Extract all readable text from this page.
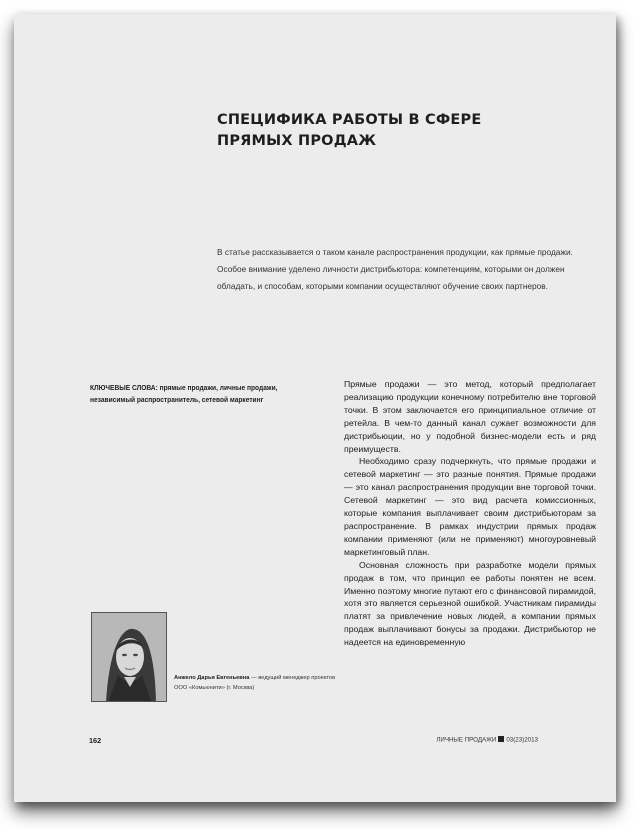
СПЕЦИФИКА РАБОТЫ В СФЕРЕ ПРЯМЫХ ПРОДАЖ

В статье рассказывается о таком канале распространения продукции, как прямые продажи. Особое внимание уделено личности дистрибьютора: компетенциям, которыми он должен обладать, и способам, которыми компании осуществляют обучение своих партнеров.

КЛЮЧЕВЫЕ СЛОВА: прямые продажи, личные продажи, независимый распространитель, сетевой маркетинг

Прямые продажи — это метод, который предполагает реализацию продукции конечному потребителю вне торговой точки. В этом заключается его принципиальное отличие от ретейла. В чем-то данный канал сужает возможности для дистрибьюции, но у подобной бизнес-модели есть и ряд преимуществ.

Необходимо сразу подчеркнуть, что прямые продажи и сетевой маркетинг — это разные понятия. Прямые продажи — это канал распространения продукции вне торговой точки. Сетевой маркетинг — это вид расчета комиссионных, которые компания выплачивает своим дистрибьюторам за распространение. В рамках индустрии прямых продаж компании применяют (или не применяют) многоуровневый маркетинговый план.

Основная сложность при разработке модели прямых продаж в том, что принцип ее работы понятен не всем. Именно поэтому многие путают его с финансовой пирамидой, хотя это является серьезной ошибкой. Участникам пирамиды платят за привлечение новых людей, а компании прямых продаж выплачивают бонусы за продажи. Дистрибьютор не надеется на единовременную

Анжело Дарья Евгеньевна — ведущий менеджер проектов ООО «Комьюнити» (г. Москва)

162	ЛИЧНЫЕ ПРОДАЖИ 03(23)2013
